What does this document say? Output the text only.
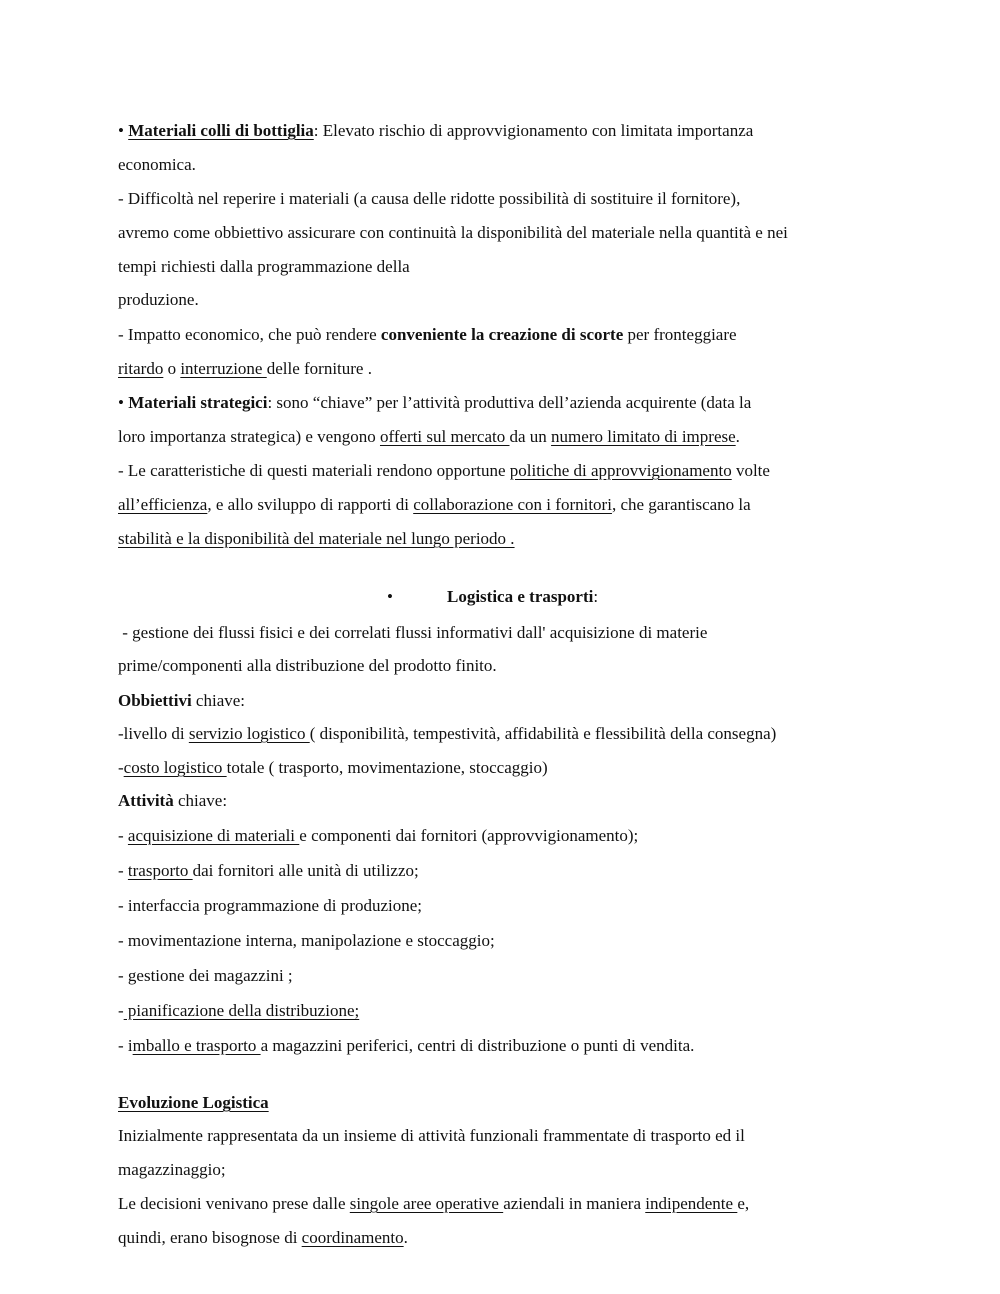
• Materiali colli di bottiglia: Elevato rischio di approvvigionamento con limitata importanza
economica.
- Difficoltà nel reperire i materiali (a causa delle ridotte possibilità di sostituire il fornitore),
avremo come obbiettivo assicurare con continuità la disponibilità del materiale nella quantità e nei
tempi richiesti dalla programmazione della
produzione.
- Impatto economico, che può rendere conveniente la creazione di scorte per fronteggiare
ritardo o interruzione delle forniture .
• Materiali strategici: sono “chiave” per l’attività produttiva dell’azienda acquirente (data la
loro importanza strategica) e vengono offerti sul mercato da un numero limitato di imprese.
- Le caratteristiche di questi materiali rendono opportune politiche di approvvigionamento volte
all’efficienza, e allo sviluppo di rapporti di collaborazione con i fornitori, che garantiscano la
stabilità e la disponibilità del materiale nel lungo periodo .
•	Logistica e trasporti:
- gestione dei flussi fisici e dei correlati flussi informativi dall' acquisizione di materie
prime/componenti alla distribuzione del prodotto finito.
Obbiettivi chiave:
-livello di servizio logistico ( disponibilità, tempestività, affidabilità e flessibilità della consegna)
-costo logistico totale ( trasporto, movimentazione, stoccaggio)
Attività chiave:
- acquisizione di materiali e componenti dai fornitori (approvvigionamento);
- trasporto dai fornitori alle unità di utilizzo;
- interfaccia programmazione di produzione;
- movimentazione interna, manipolazione e stoccaggio;
- gestione dei magazzini ;
- pianificazione della distribuzione;
- imballo e trasporto a magazzini periferici, centri di distribuzione o punti di vendita.
Evoluzione Logistica
Inizialmente rappresentata da un insieme di attività funzionali frammentate di trasporto ed il
magazzinaggio;
Le decisioni venivano prese dalle singole aree operative aziendali in maniera indipendente e,
quindi, erano bisognose di coordinamento.
